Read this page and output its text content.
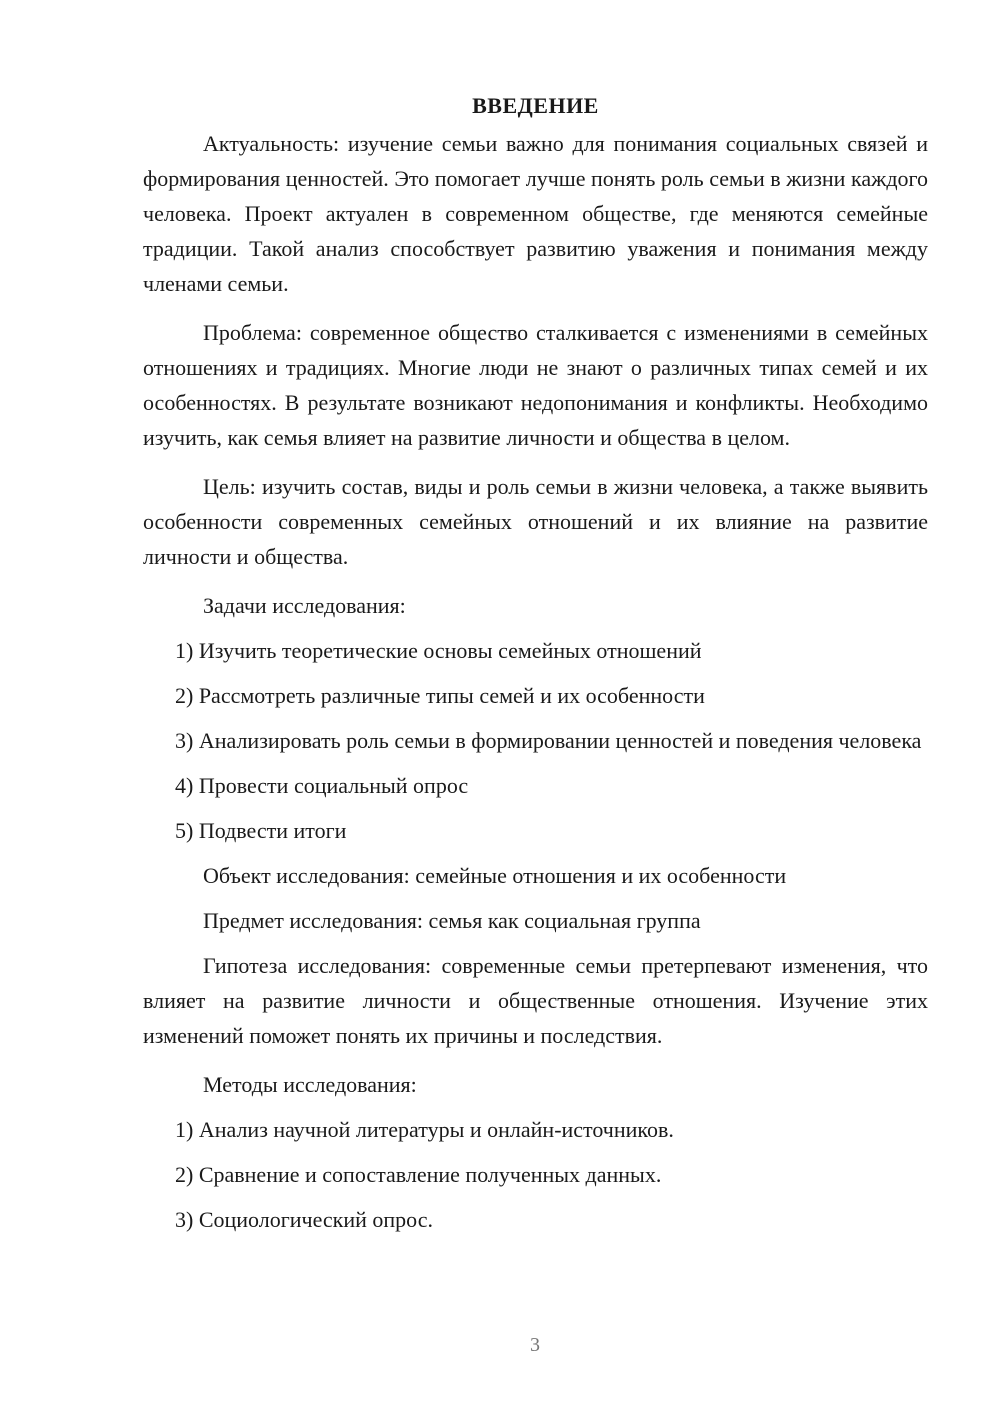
ВВЕДЕНИЕ

Актуальность: изучение семьи важно для понимания социальных связей и формирования ценностей. Это помогает лучше понять роль семьи в жизни каждого человека. Проект актуален в современном обществе, где меняются семейные традиции. Такой анализ способствует развитию уважения и понимания между членами семьи.

Проблема: современное общество сталкивается с изменениями в семейных отношениях и традициях. Многие люди не знают о различных типах семей и их особенностях. В результате возникают недопонимания и конфликты. Необходимо изучить, как семья влияет на развитие личности и общества в целом.

Цель: изучить состав, виды и роль семьи в жизни человека, а также выявить особенности современных семейных отношений и их влияние на развитие личности и общества.

Задачи исследования:

1) Изучить теоретические основы семейных отношений

2) Рассмотреть различные типы семей и их особенности

3) Анализировать роль семьи в формировании ценностей и поведения человека

4) Провести социальный опрос

5) Подвести итоги

Объект исследования: семейные отношения и их особенности

Предмет исследования: семья как социальная группа

Гипотеза исследования: современные семьи претерпевают изменения, что влияет на развитие личности и общественные отношения. Изучение этих изменений поможет понять их причины и последствия.

Методы исследования:

1) Анализ научной литературы и онлайн-источников.

2) Сравнение и сопоставление полученных данных.

3) Социологический опрос.

3
